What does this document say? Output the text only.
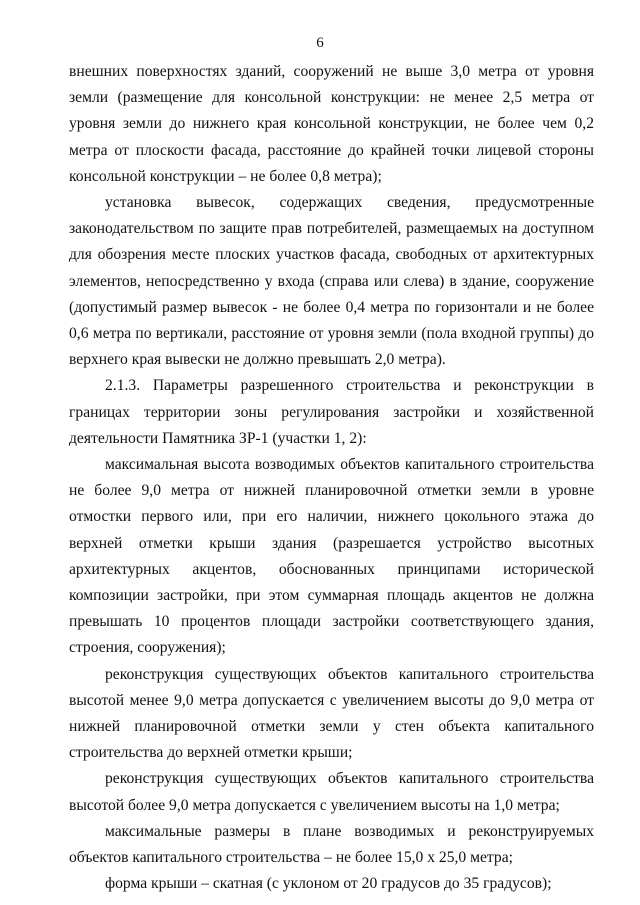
6

внешних поверхностях зданий, сооружений не выше 3,0 метра от уровня земли (размещение для консольной конструкции: не менее 2,5 метра от уровня земли до нижнего края консольной конструкции, не более чем 0,2 метра от плоскости фасада, расстояние до крайней точки лицевой стороны консольной конструкции – не более 0,8 метра);

установка вывесок, содержащих сведения, предусмотренные законодательством по защите прав потребителей, размещаемых на доступном для обозрения месте плоских участков фасада, свободных от архитектурных элементов, непосредственно у входа (справа или слева) в здание, сооружение (допустимый размер вывесок - не более 0,4 метра по горизонтали и не более 0,6 метра по вертикали, расстояние от уровня земли (пола входной группы) до верхнего края вывески не должно превышать 2,0 метра).

2.1.3. Параметры разрешенного строительства и реконструкции в границах территории зоны регулирования застройки и хозяйственной деятельности Памятника ЗР-1 (участки 1, 2):

максимальная высота возводимых объектов капитального строительства не более 9,0 метра от нижней планировочной отметки земли в уровне отмостки первого или, при его наличии, нижнего цокольного этажа до верхней отметки крыши здания (разрешается устройство высотных архитектурных акцентов, обоснованных принципами исторической композиции застройки, при этом суммарная площадь акцентов не должна превышать 10 процентов площади застройки соответствующего здания, строения, сооружения);

реконструкция существующих объектов капитального строительства высотой менее 9,0 метра допускается с увеличением высоты до 9,0 метра от нижней планировочной отметки земли у стен объекта капитального строительства до верхней отметки крыши;

реконструкция существующих объектов капитального строительства высотой более 9,0 метра допускается с увеличением высоты на 1,0 метра;

максимальные размеры в плане возводимых и реконструируемых объектов капитального строительства – не более 15,0 х 25,0 метра;

форма крыши – скатная (с уклоном от 20 градусов до 35 градусов);
